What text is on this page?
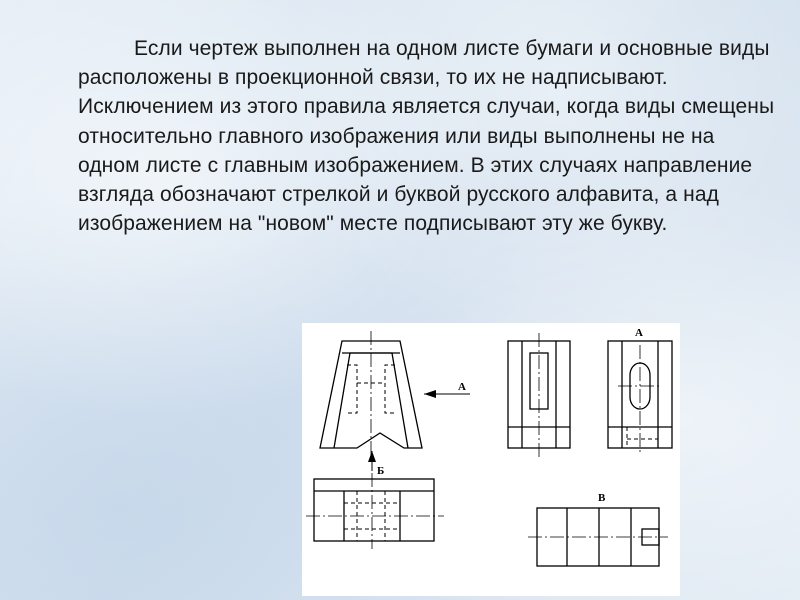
Если чертеж выполнен на одном листе бумаги и основные виды расположены в проекционной связи, то их не надписывают. Исключением из этого правила является случаи, когда виды смещены относительно главного изображения или виды выполнены не на одном листе с главным изображением. В этих случаях направление взгляда обозначают стрелкой и буквой русского алфавита, а над изображением на "новом" месте подписывают эту же букву.

А
Б
А
В
